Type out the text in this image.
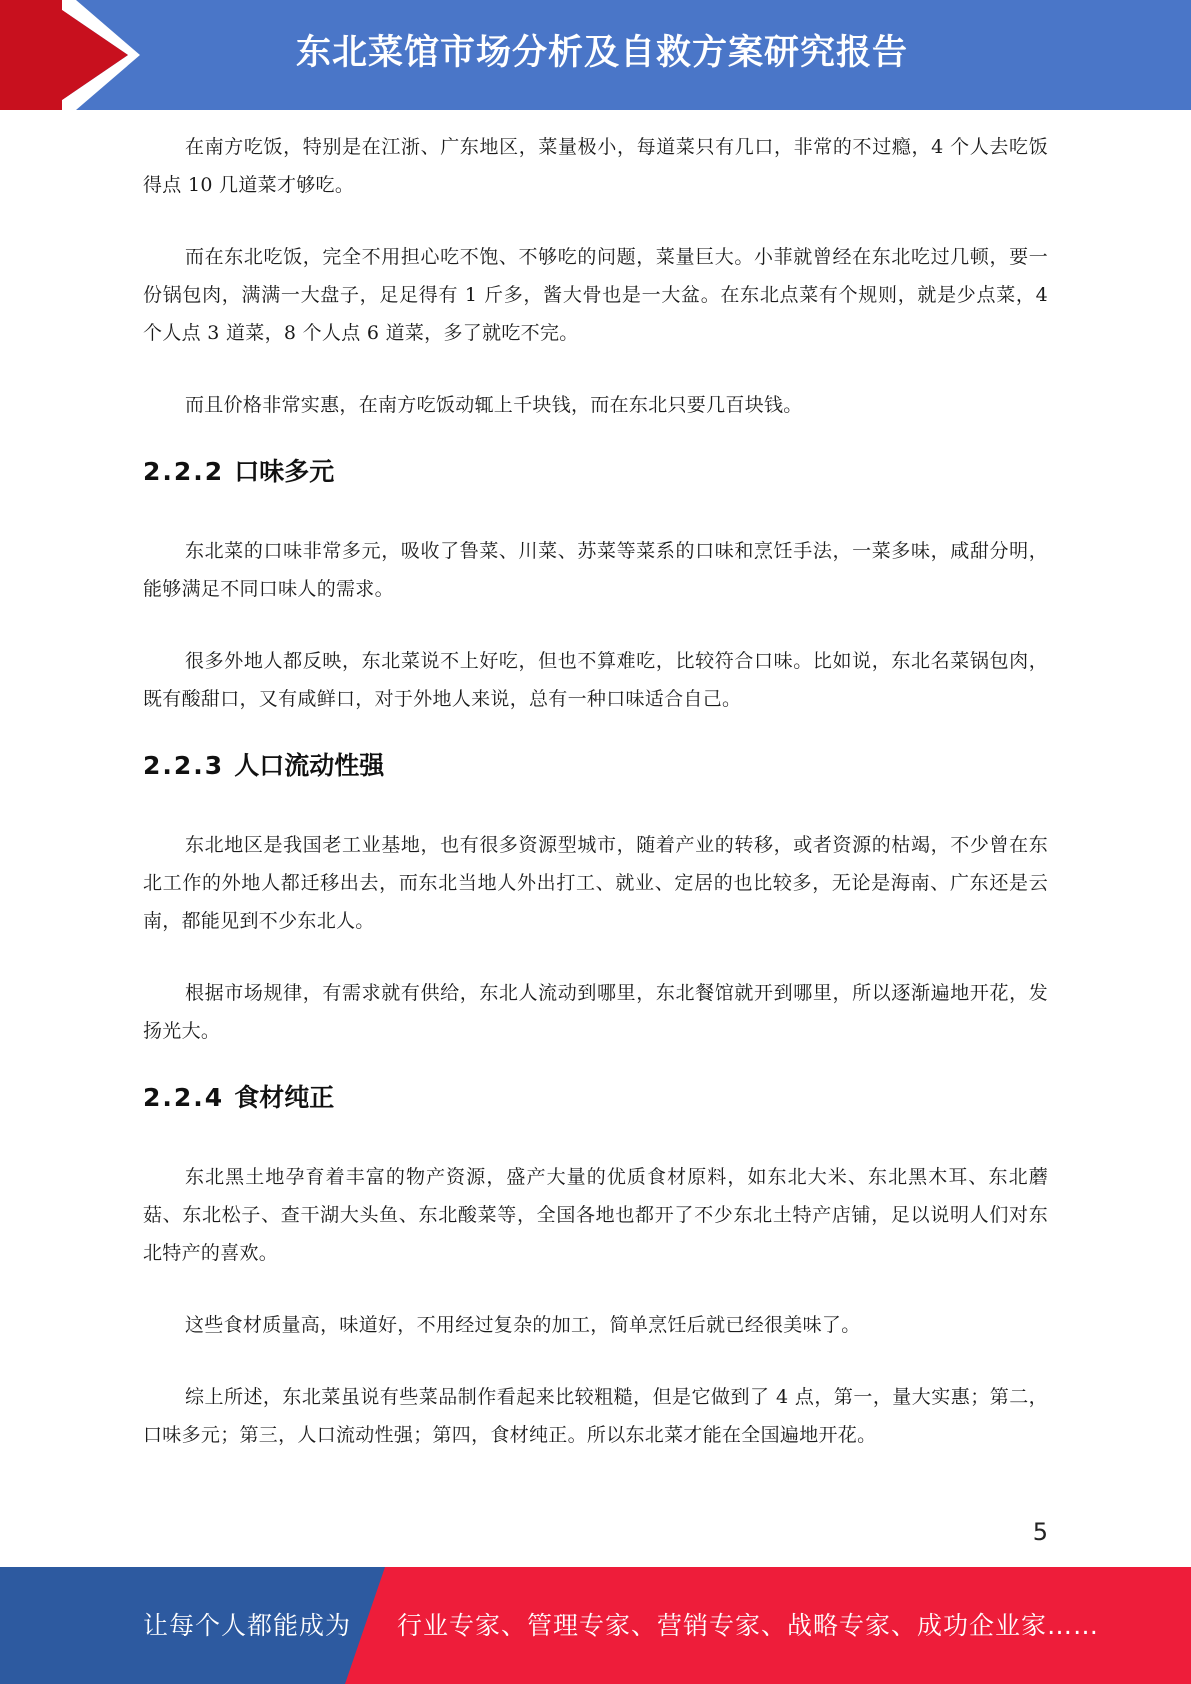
东北菜馆市场分析及自救方案研究报告

在南方吃饭，特别是在江浙、广东地区，菜量极小，每道菜只有几口，非常的不过瘾，4 个人去吃饭得点 10 几道菜才够吃。

而在东北吃饭，完全不用担心吃不饱、不够吃的问题，菜量巨大。小菲就曾经在东北吃过几顿，要一份锅包肉，满满一大盘子，足足得有 1 斤多，酱大骨也是一大盆。在东北点菜有个规则，就是少点菜，4 个人点 3 道菜，8 个人点 6 道菜，多了就吃不完。

而且价格非常实惠，在南方吃饭动辄上千块钱，而在东北只要几百块钱。

2.2.2 口味多元

东北菜的口味非常多元，吸收了鲁菜、川菜、苏菜等菜系的口味和烹饪手法，一菜多味，咸甜分明，能够满足不同口味人的需求。

很多外地人都反映，东北菜说不上好吃，但也不算难吃，比较符合口味。比如说，东北名菜锅包肉，既有酸甜口，又有咸鲜口，对于外地人来说，总有一种口味适合自己。

2.2.3 人口流动性强

东北地区是我国老工业基地，也有很多资源型城市，随着产业的转移，或者资源的枯竭，不少曾在东北工作的外地人都迁移出去，而东北当地人外出打工、就业、定居的也比较多，无论是海南、广东还是云南，都能见到不少东北人。

根据市场规律，有需求就有供给，东北人流动到哪里，东北餐馆就开到哪里，所以逐渐遍地开花，发扬光大。

2.2.4 食材纯正

东北黑土地孕育着丰富的物产资源，盛产大量的优质食材原料，如东北大米、东北黑木耳、东北蘑菇、东北松子、查干湖大头鱼、东北酸菜等，全国各地也都开了不少东北土特产店铺，足以说明人们对东北特产的喜欢。

这些食材质量高，味道好，不用经过复杂的加工，简单烹饪后就已经很美味了。

综上所述，东北菜虽说有些菜品制作看起来比较粗糙，但是它做到了 4 点，第一，量大实惠；第二，口味多元；第三，人口流动性强；第四，食材纯正。所以东北菜才能在全国遍地开花。

5
让每个人都能成为 行业专家、管理专家、营销专家、战略专家、成功企业家……
